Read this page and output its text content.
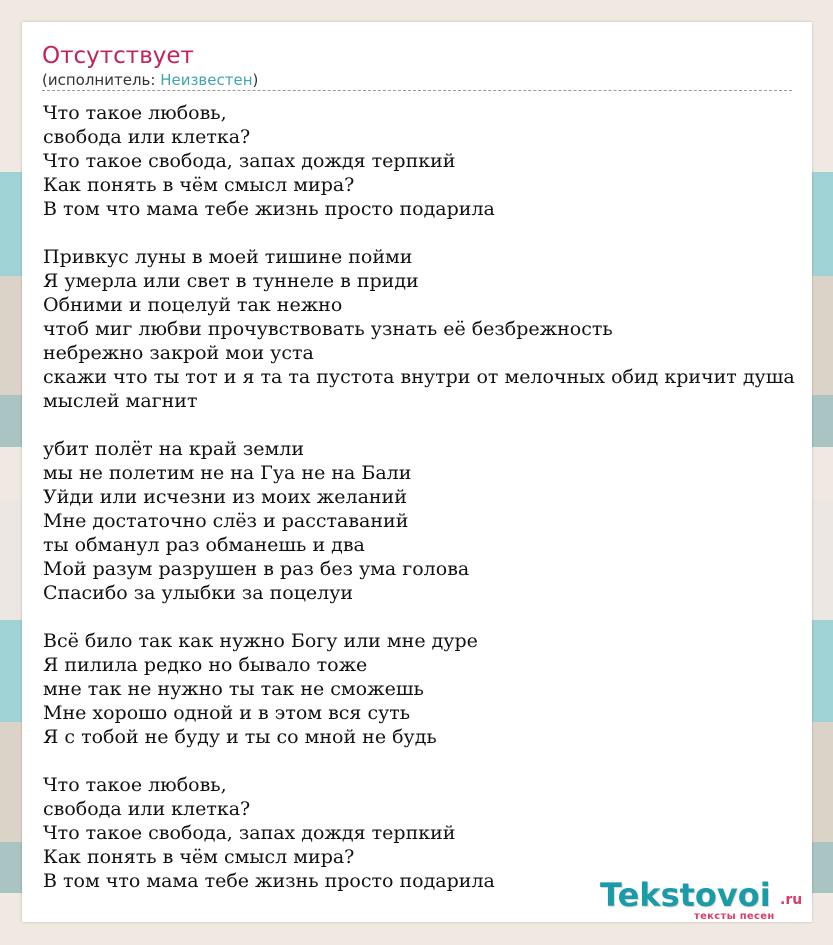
Отсутствует
(исполнитель: Неизвестен)
Что такое любовь,
свобода или клетка?
Что такое свобода, запах дождя терпкий
Как понять в чём смысл мира?
В том что мама тебе жизнь просто подарила

Привкус луны в моей тишине пойми
Я умерла или свет в туннеле в приди
Обними и поцелуй так нежно
чтоб миг любви прочувствовать узнать её безбрежность
небрежно закрой мои уста
скажи что ты тот и я та та пустота внутри от мелочных обид кричит душа
мыслей магнит

убит полёт на край земли
мы не полетим не на Гуа не на Бали
Уйди или исчезни из моих желаний
Мне достаточно слёз и расставаний
ты обманул раз обманешь и два
Мой разум разрушен в раз без ума голова
Спасибо за улыбки за поцелуи

Всё било так как нужно Богу или мне дуре
Я пилила редко но бывало тоже
мне так не нужно ты так не сможешь
Мне хорошо одной и в этом вся суть
Я с тобой не буду и ты со мной не будь

Что такое любовь,
свобода или клетка?
Что такое свобода, запах дождя терпкий
Как понять в чём смысл мира?
В том что мама тебе жизнь просто подарила	Tekstovoi .ru
тексты песен
